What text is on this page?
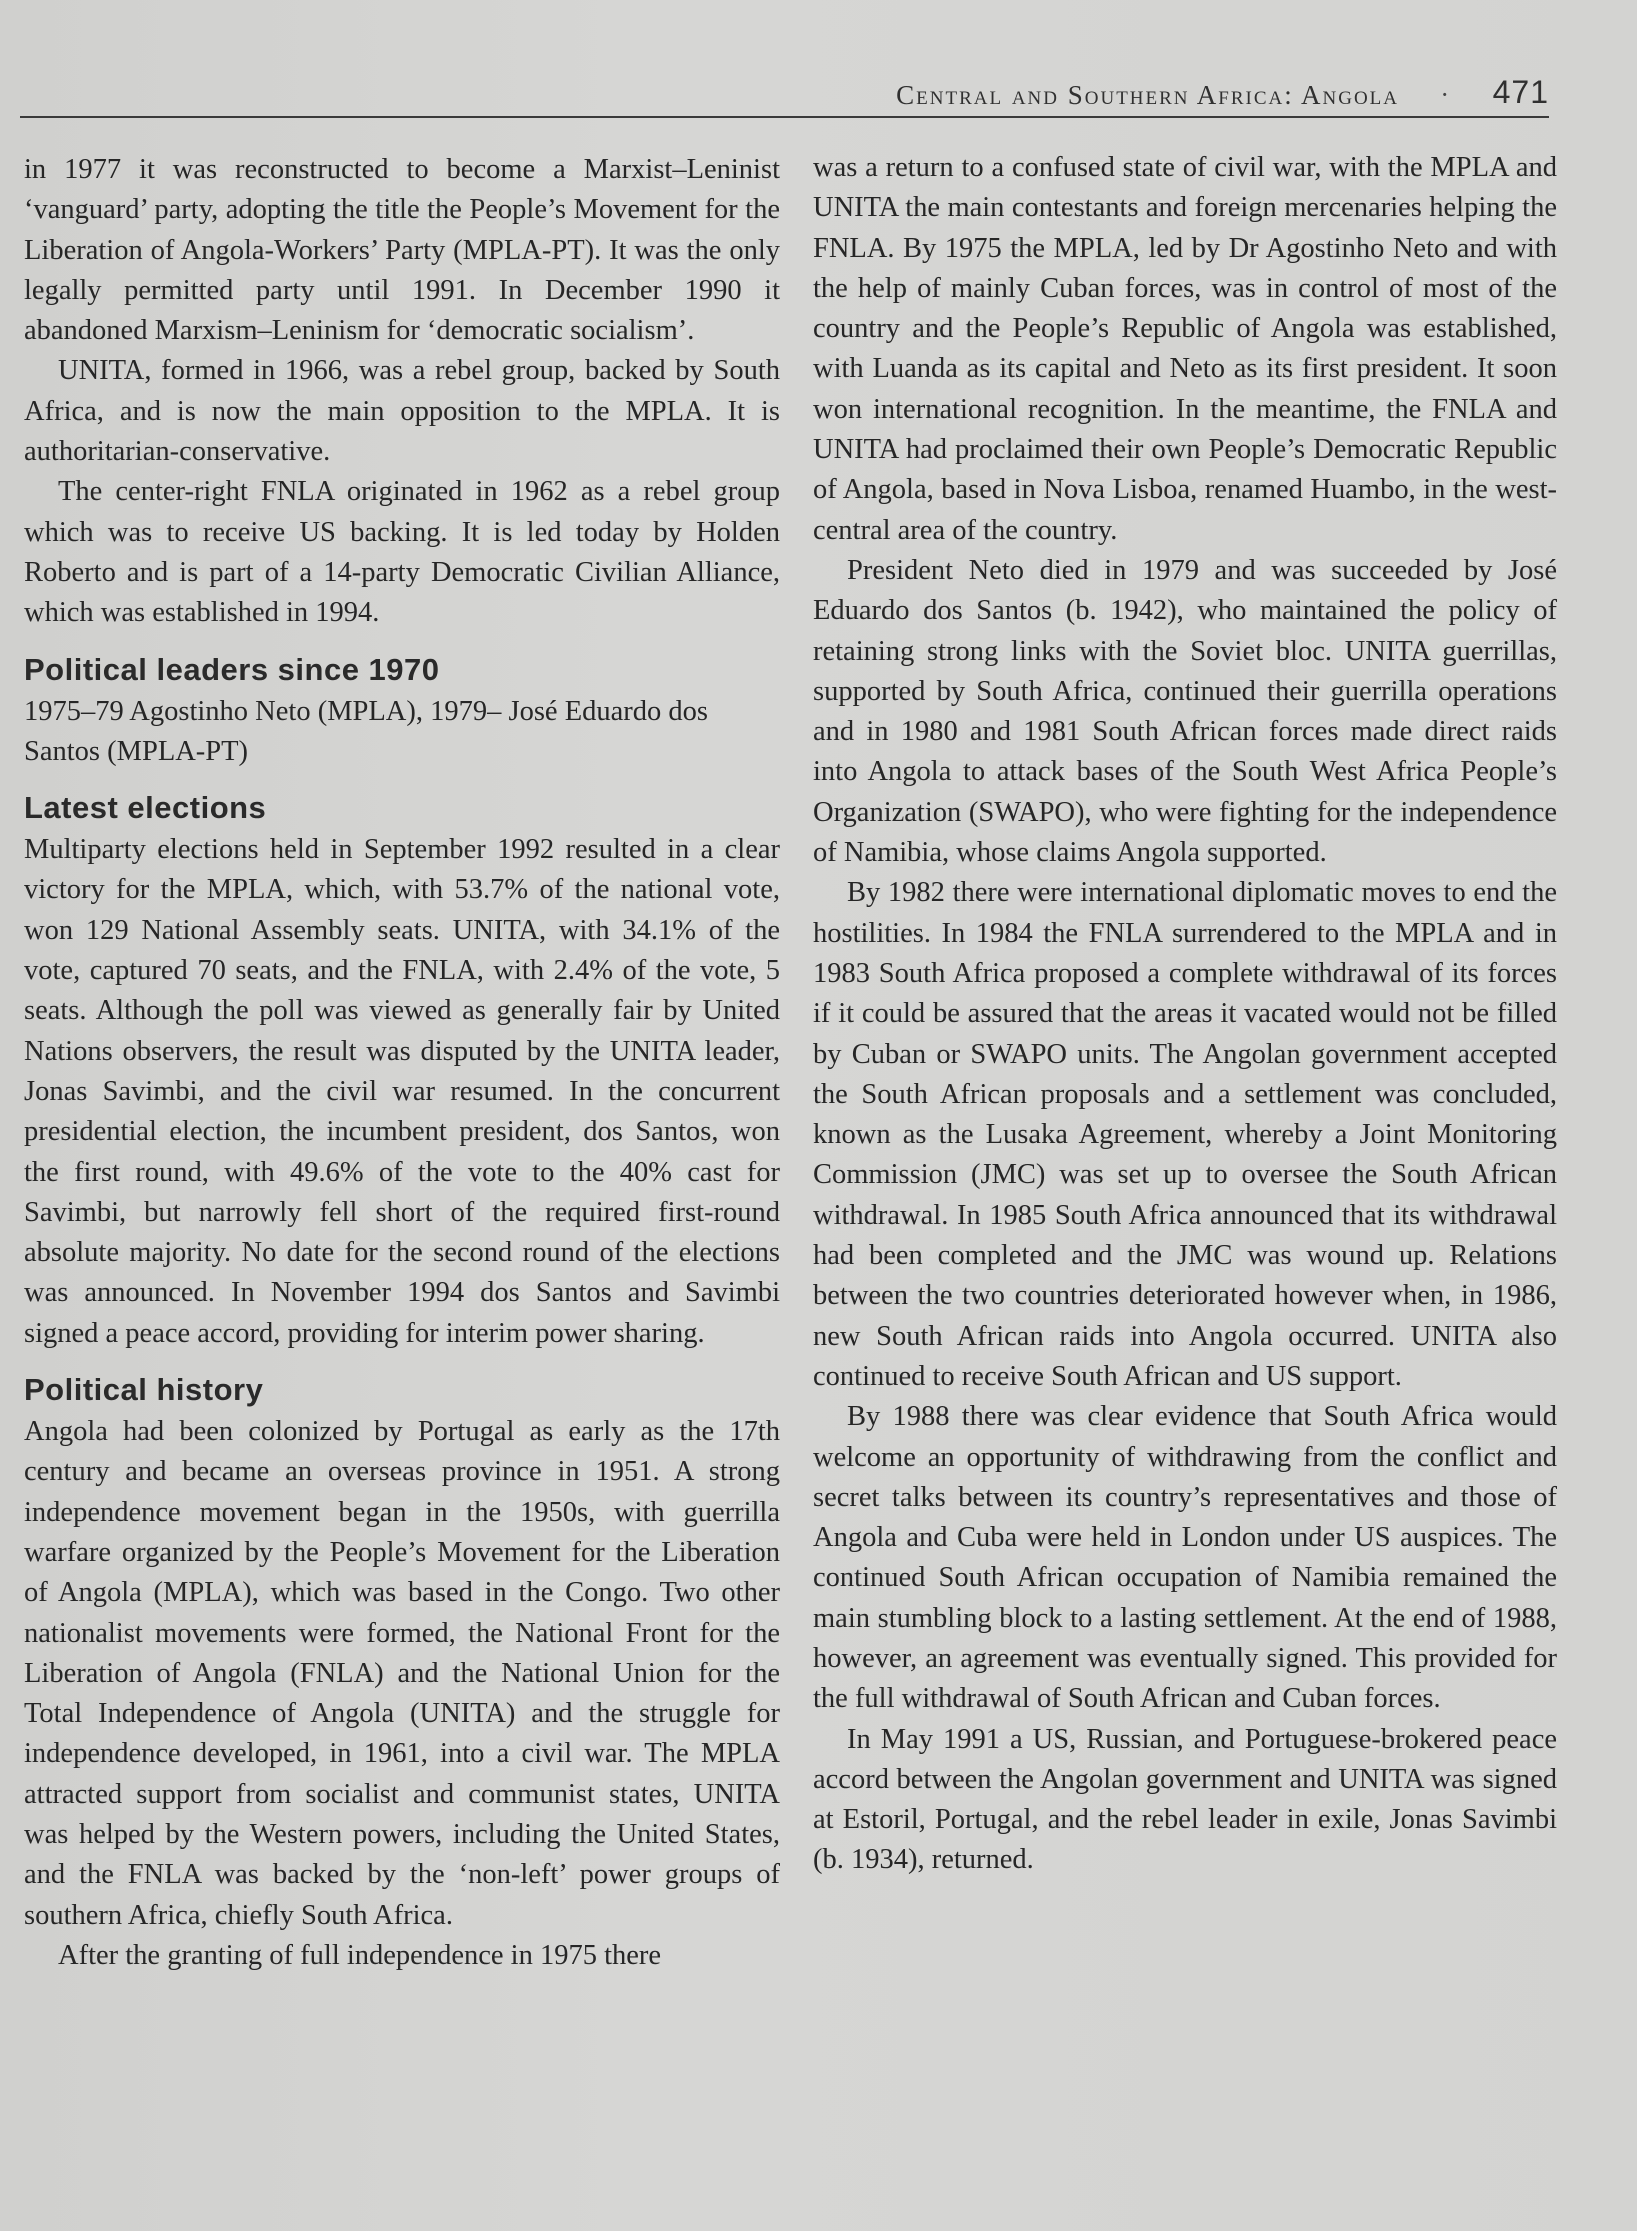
Central and Southern Africa: Angola · 471

in 1977 it was reconstructed to become a Marxist–Leninist ‘vanguard’ party, adopting the title the People’s Movement for the Liberation of Angola-Workers’ Party (MPLA-PT). It was the only legally permitted party until 1991. In December 1990 it abandoned Marxism–Leninism for ‘democratic socialism’.

UNITA, formed in 1966, was a rebel group, backed by South Africa, and is now the main opposition to the MPLA. It is authoritarian-conservative.

The center-right FNLA originated in 1962 as a rebel group which was to receive US backing. It is led today by Holden Roberto and is part of a 14-party Democratic Civilian Alliance, which was established in 1994.

Political leaders since 1970

1975–79 Agostinho Neto (MPLA), 1979– José Eduardo dos Santos (MPLA-PT)

Latest elections

Multiparty elections held in September 1992 resulted in a clear victory for the MPLA, which, with 53.7% of the national vote, won 129 National Assembly seats. UNITA, with 34.1% of the vote, captured 70 seats, and the FNLA, with 2.4% of the vote, 5 seats. Although the poll was viewed as generally fair by United Nations observers, the result was disputed by the UNITA leader, Jonas Savimbi, and the civil war resumed. In the concurrent presidential election, the incumbent president, dos Santos, won the first round, with 49.6% of the vote to the 40% cast for Savimbi, but narrowly fell short of the required first-round absolute majority. No date for the second round of the elections was announced. In November 1994 dos Santos and Savimbi signed a peace accord, providing for interim power sharing.

Political history

Angola had been colonized by Portugal as early as the 17th century and became an overseas province in 1951. A strong independence movement began in the 1950s, with guerrilla warfare organized by the People’s Movement for the Liberation of Angola (MPLA), which was based in the Congo. Two other nationalist movements were formed, the National Front for the Liberation of Angola (FNLA) and the National Union for the Total Independence of Angola (UNITA) and the struggle for independence developed, in 1961, into a civil war. The MPLA attracted support from socialist and communist states, UNITA was helped by the Western powers, including the United States, and the FNLA was backed by the ‘non-left’ power groups of southern Africa, chiefly South Africa.

After the granting of full independence in 1975 there

was a return to a confused state of civil war, with the MPLA and UNITA the main contestants and foreign mercenaries helping the FNLA. By 1975 the MPLA, led by Dr Agostinho Neto and with the help of mainly Cuban forces, was in control of most of the country and the People’s Republic of Angola was established, with Luanda as its capital and Neto as its first president. It soon won international recognition. In the meantime, the FNLA and UNITA had proclaimed their own People’s Democratic Republic of Angola, based in Nova Lisboa, renamed Huambo, in the west-central area of the country.

President Neto died in 1979 and was succeeded by José Eduardo dos Santos (b. 1942), who maintained the policy of retaining strong links with the Soviet bloc. UNITA guerrillas, supported by South Africa, continued their guerrilla operations and in 1980 and 1981 South African forces made direct raids into Angola to attack bases of the South West Africa People’s Organization (SWAPO), who were fighting for the independence of Namibia, whose claims Angola supported.

By 1982 there were international diplomatic moves to end the hostilities. In 1984 the FNLA surrendered to the MPLA and in 1983 South Africa proposed a complete withdrawal of its forces if it could be assured that the areas it vacated would not be filled by Cuban or SWAPO units. The Angolan government accepted the South African proposals and a settlement was concluded, known as the Lusaka Agreement, whereby a Joint Monitoring Commission (JMC) was set up to oversee the South African withdrawal. In 1985 South Africa announced that its withdrawal had been completed and the JMC was wound up. Relations between the two countries deteriorated however when, in 1986, new South African raids into Angola occurred. UNITA also continued to receive South African and US support.

By 1988 there was clear evidence that South Africa would welcome an opportunity of withdrawing from the conflict and secret talks between its country’s representatives and those of Angola and Cuba were held in London under US auspices. The continued South African occupation of Namibia remained the main stumbling block to a lasting settlement. At the end of 1988, however, an agreement was eventually signed. This provided for the full withdrawal of South African and Cuban forces.

In May 1991 a US, Russian, and Portuguese-brokered peace accord between the Angolan government and UNITA was signed at Estoril, Portugal, and the rebel leader in exile, Jonas Savimbi (b. 1934), returned.
